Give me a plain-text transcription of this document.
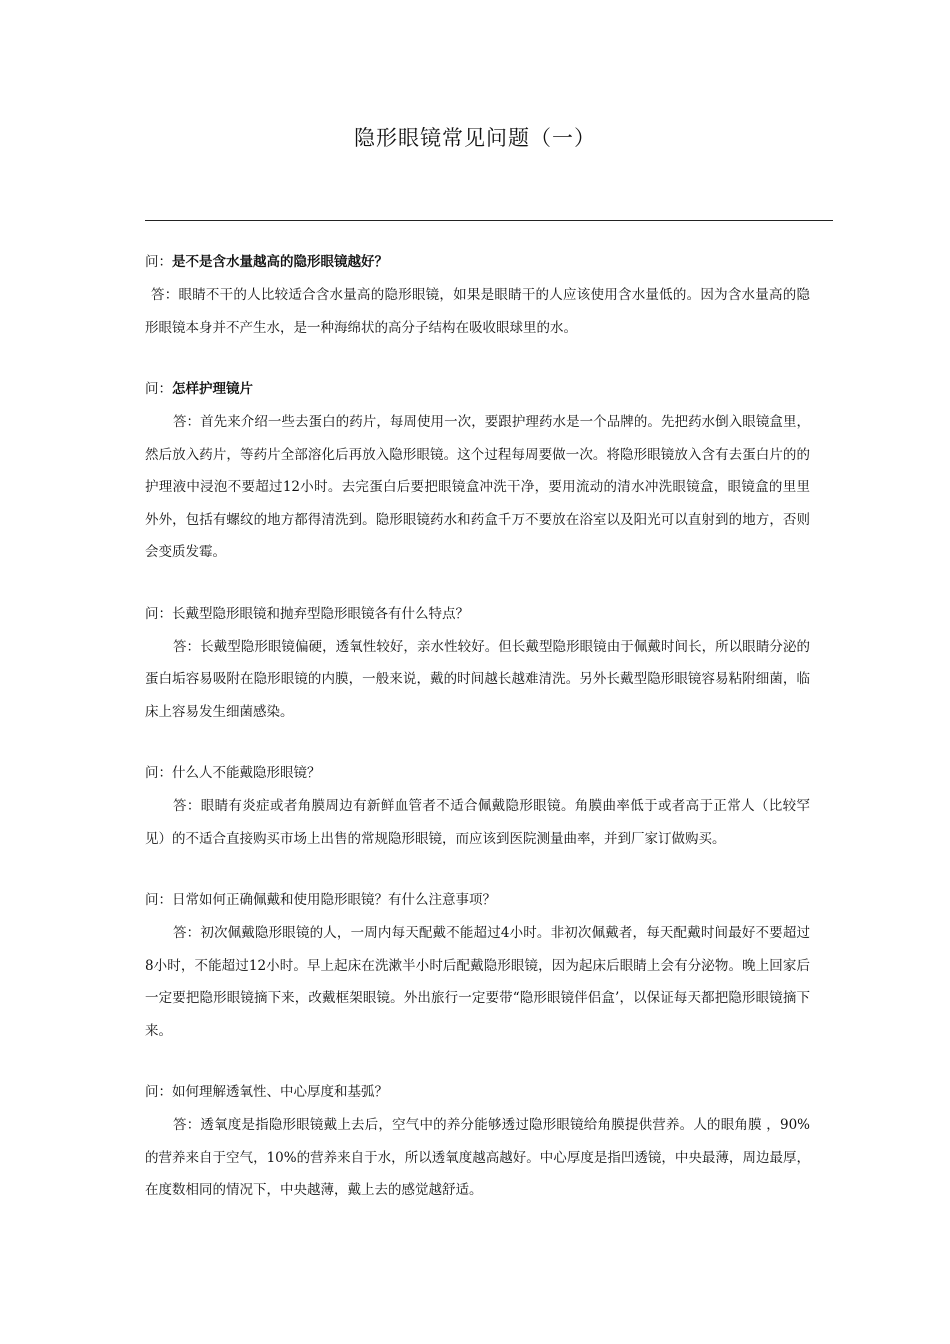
隐形眼镜常见问题（一）

问：是不是含水量越高的隐形眼镜越好？

答：眼睛不干的人比较适合含水量高的隐形眼镜，如果是眼睛干的人应该使用含水量低的。因为含水量高的隐形眼镜本身并不产生水，是一种海绵状的高分子结构在吸收眼球里的水。

问：怎样护理镜片

答：首先来介绍一些去蛋白的药片，每周使用一次，要跟护理药水是一个品牌的。先把药水倒入眼镜盒里，然后放入药片，等药片全部溶化后再放入隐形眼镜。这个过程每周要做一次。将隐形眼镜放入含有去蛋白片的的护理液中浸泡不要超过12小时。去完蛋白后要把眼镜盒冲洗干净，要用流动的清水冲洗眼镜盒，眼镜盒的里里外外，包括有螺纹的地方都得清洗到。隐形眼镜药水和药盒千万不要放在浴室以及阳光可以直射到的地方，否则会变质发霉。

问：长戴型隐形眼镜和抛弃型隐形眼镜各有什么特点？

答：长戴型隐形眼镜偏硬，透氧性较好，亲水性较好。但长戴型隐形眼镜由于佩戴时间长，所以眼睛分泌的蛋白垢容易吸附在隐形眼镜的内膜，一般来说，戴的时间越长越难清洗。另外长戴型隐形眼镜容易粘附细菌，临床上容易发生细菌感染。

问：什么人不能戴隐形眼镜？

答：眼睛有炎症或者角膜周边有新鲜血管者不适合佩戴隐形眼镜。角膜曲率低于或者高于正常人（比较罕见）的不适合直接购买市场上出售的常规隐形眼镜，而应该到医院测量曲率，并到厂家订做购买。

问：日常如何正确佩戴和使用隐形眼镜？有什么注意事项？

答：初次佩戴隐形眼镜的人，一周内每天配戴不能超过4小时。非初次佩戴者，每天配戴时间最好不要超过8小时，不能超过12小时。早上起床在洗漱半小时后配戴隐形眼镜，因为起床后眼睛上会有分泌物。晚上回家后一定要把隐形眼镜摘下来，改戴框架眼镜。外出旅行一定要带“隐形眼镜伴侣盒’，以保证每天都把隐形眼镜摘下来。

问：如何理解透氧性、中心厚度和基弧？

答：透氧度是指隐形眼镜戴上去后，空气中的养分能够透过隐形眼镜给角膜提供营养。人的眼角膜 ，90%的营养来自于空气，10%的营养来自于水，所以透氧度越高越好。中心厚度是指凹透镜，中央最薄，周边最厚，在度数相同的情况下，中央越薄，戴上去的感觉越舒适。
